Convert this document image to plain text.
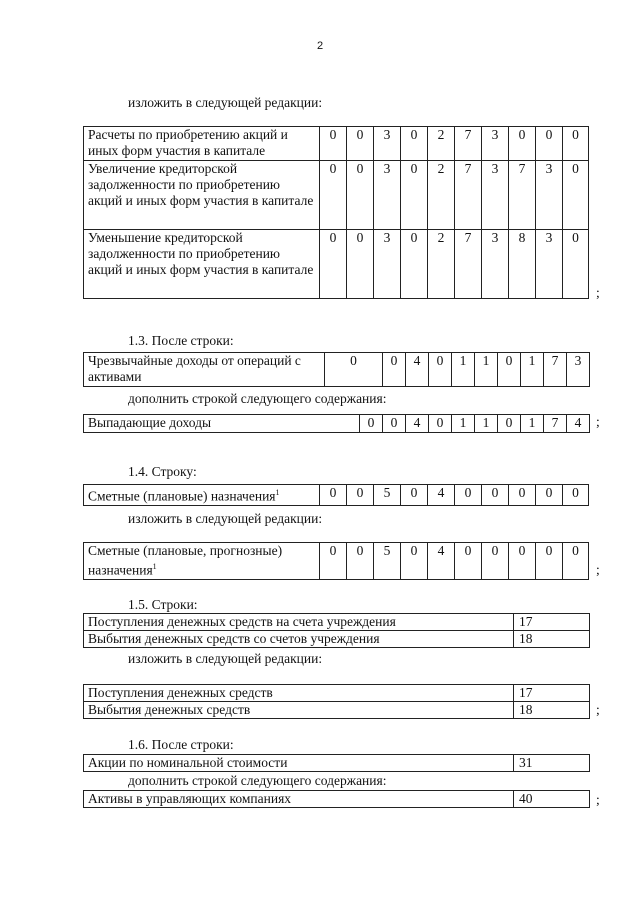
2
изложить в следующей редакции:
Расчеты по приобретению акций и иных форм участия в капитале	0	0	3	0	2	7	3	0	0	0
Увеличение кредиторской задолженности по приобретению акций и иных форм участия в капитале	0	0	3	0	2	7	3	7	3	0
Уменьшение кредиторской задолженности по приобретению акций и иных форм участия в капитале	0	0	3	0	2	7	3	8	3	0
;
1.3. После строки:
Чрезвычайные доходы от операций с активами	0	0	4	0	1	1	0	1	7	3
дополнить строкой следующего содержания:
Выпадающие доходы	0	0	4	0	1	1	0	1	7	4 ;
1.4. Строку:
Сметные (плановые) назначения$^1$	0	0	5	0	4	0	0	0	0	0
изложить в следующей редакции:
Сметные (плановые, прогнозные) назначения$^1$	0	0	5	0	4	0	0	0	0	0
;
1.5. Строки:
Поступления денежных средств на счета учреждения	17
Выбытия денежных средств со счетов учреждения	18
изложить в следующей редакции:
Поступления денежных средств	17
Выбытия денежных средств	18	;
1.6. После строки:
Акции по номинальной стоимости	31
дополнить строкой следующего содержания:
Активы в управляющих компаниях	40	;
